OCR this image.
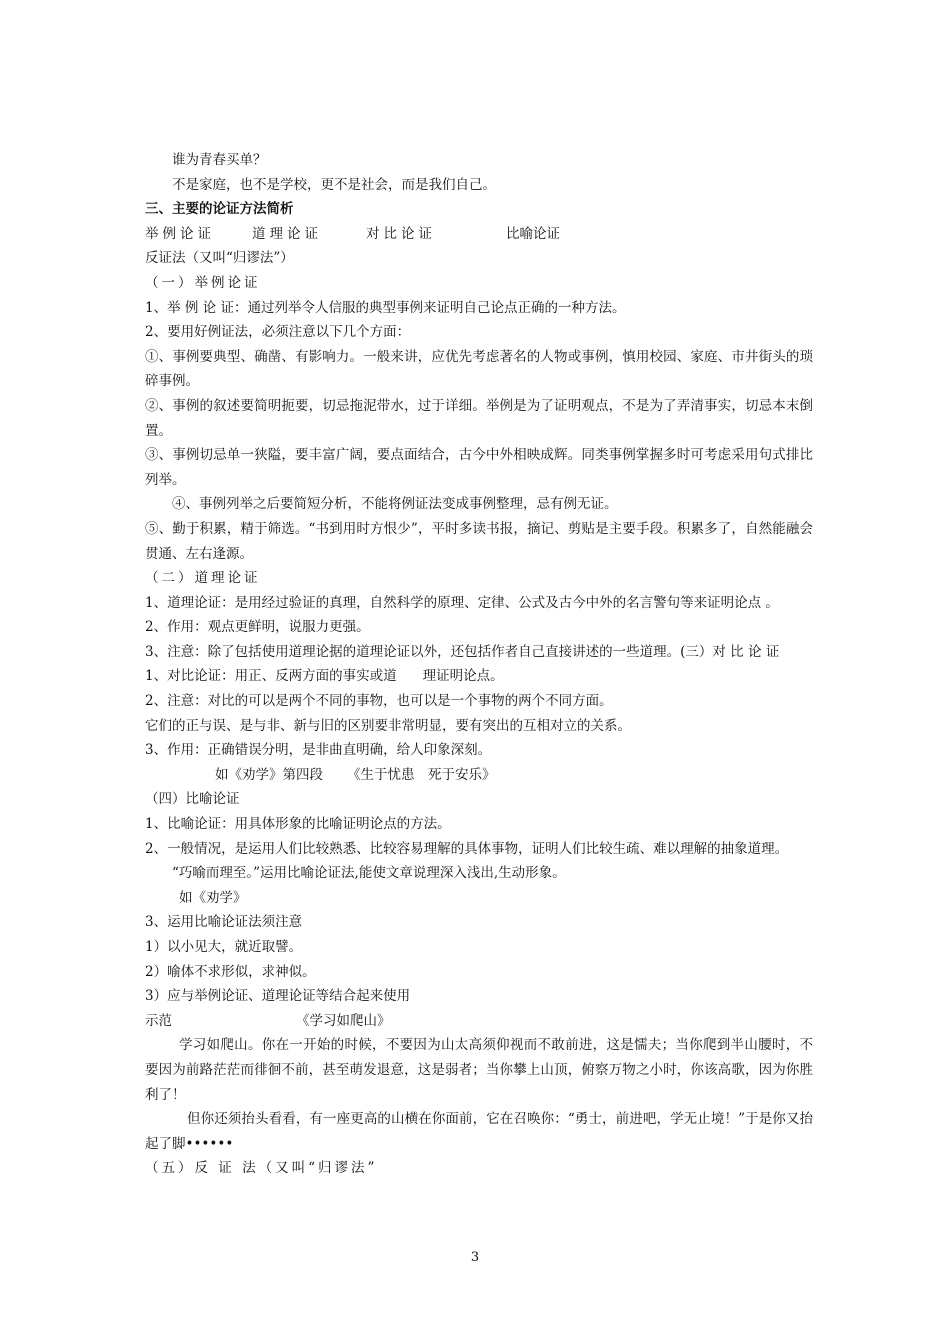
谁为青春买单？
不是家庭，也不是学校，更不是社会，而是我们自己。
三、主要的论证方法简析
举例论证	道理论证	对比论证	比喻论证
反证法（又叫“归谬法”）
（一）举例论证
1、举 例 论 证：通过列举令人信服的典型事例来证明自己论点正确的一种方法。
2、要用好例证法，必须注意以下几个方面：
①、事例要典型、确凿、有影响力。一般来讲，应优先考虑著名的人物或事例，慎用校园、家庭、市井街头的琐碎事例。
②、事例的叙述要简明扼要，切忌拖泥带水，过于详细。举例是为了证明观点，不是为了弄清事实，切忌本末倒置。
③、事例切忌单一狭隘，要丰富广阔，要点面结合，古今中外相映成辉。同类事例掌握多时可考虑采用句式排比列举。
④、事例列举之后要简短分析，不能将例证法变成事例整理，忌有例无证。
⑤、勤于积累，精于筛选。“书到用时方恨少”，平时多读书报，摘记、剪贴是主要手段。积累多了，自然能融会贯通、左右逢源。
（二）道理论证
1、道理论证：是用经过验证的真理，自然科学的原理、定律、公式及古今中外的名言警句等来证明论点 。
2、作用：观点更鲜明，说服力更强。
3、注意：除了包括使用道理论据的道理论证以外，还包括作者自己直接讲述的一些道理。(三）对 比 论 证
1、对比论证：用正、反两方面的事实或道 理证明论点。
2、注意：对比的可以是两个不同的事物，也可以是一个事物的两个不同方面。
它们的正与误、是与非、新与旧的区别要非常明显，要有突出的互相对立的关系。
3、作用：正确错误分明，是非曲直明确，给人印象深刻。
如《劝学》第四段 《生于忧患　死于安乐》
（四）比喻论证
1、比喻论证：用具体形象的比喻证明论点的方法。
2、一般情况，是运用人们比较熟悉、比较容易理解的具体事物，证明人们比较生疏、难以理解的抽象道理。
“巧喻而理至。”运用比喻论证法,能使文章说理深入浅出,生动形象。
如《劝学》
3、运用比喻论证法须注意
1）以小见大，就近取譬。
2）喻体不求形似，求神似。
3）应与举例论证、道理论证等结合起来使用
示范	《学习如爬山》
学习如爬山。你在一开始的时候，不要因为山太高须仰视而不敢前进，这是懦夫；当你爬到半山腰时，不要因为前路茫茫而徘徊不前，甚至萌发退意，这是弱者；当你攀上山顶，俯察万物之小时，你该高歌，因为你胜利了！
但你还须抬头看看，有一座更高的山横在你面前，它在召唤你：“勇士，前进吧，学无止境！”于是你又抬起了脚••••••
（五）反 证 法（又叫“归谬法”
3
